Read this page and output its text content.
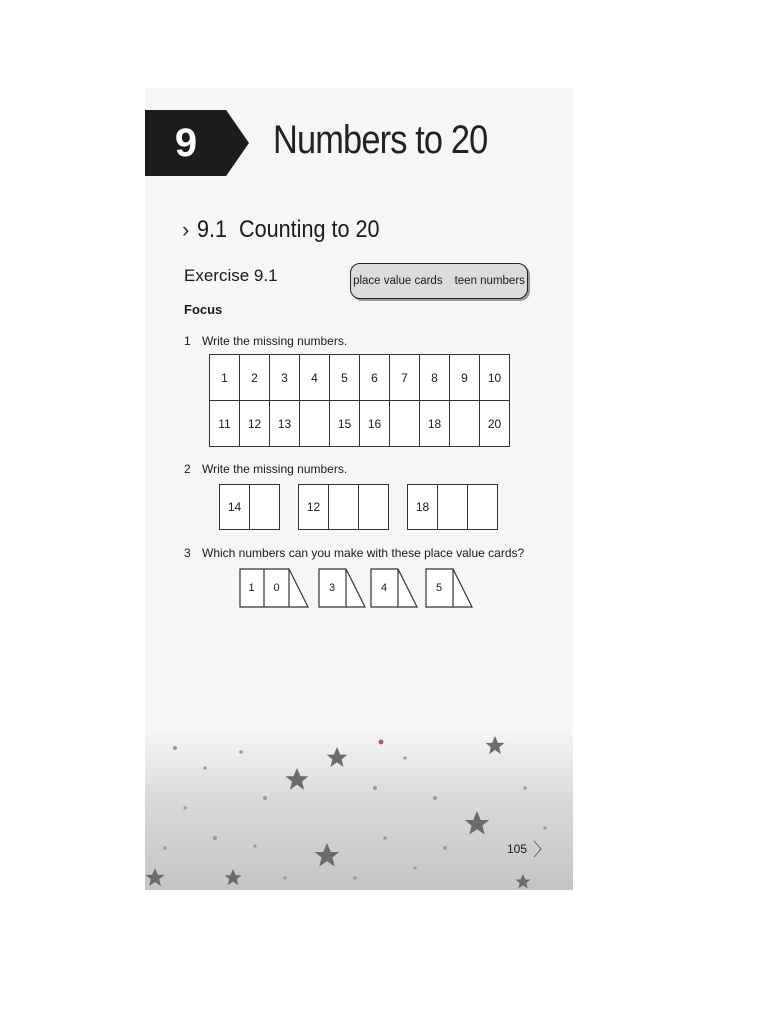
9	Numbers to 20
› 9.1 Counting to 20
Exercise 9.1	place value cards teen numbers
Focus
1 Write the missing numbers.
1	2	3	4	5	6	7	8	9	10
11	12	13		15	16		18		20
2 Write the missing numbers.
14	12	18
3 Which numbers can you make with these place value cards?
1	0	3	4	5
105 〉
